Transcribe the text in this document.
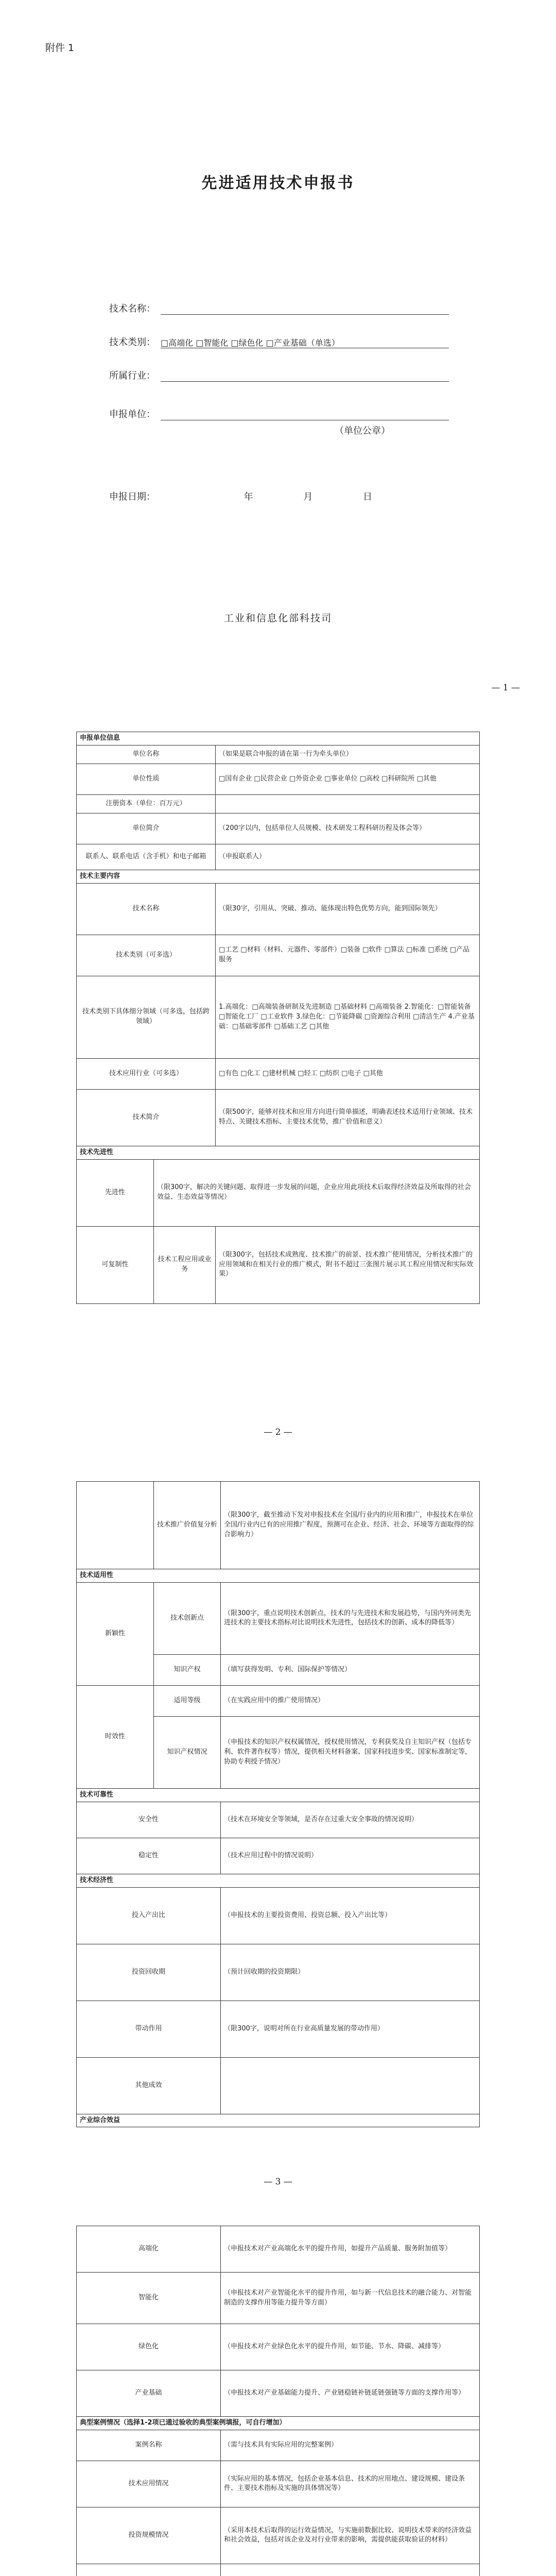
附件 1
先进适用技术申报书
技术名称：
技术类别： □高端化 □智能化 □绿色化 □产业基础（单选）
所属行业：
申报单位：
（单位公章）
申报日期：	年	月	日
工业和信息化部科技司
— 1 —
申报单位信息		
单位名称		（如果是联合申报的请在第一行为牵头单位）
单位性质		□国有企业 □民营企业 □外资企业 □事业单位 □高校 □科研院所 □其他
注册资本（单位：百万元）		
单位简介		（200字以内，包括单位人员规模、技术研发工程科研历程及体会等）
联系人、联系电话（含手机）和电子邮箱		（申报联系人）
技术主要内容		
技术名称		（限30字，引用从、突破、推动、能体现出特色优势方向，能到国际领先）
技术类别（可多选）		□工艺 □材料（材料、元器件、零部件）□装备 □软件 □算法 □标准 □系统 □产品服务
技术类别下具体细分领域（可多选，包括跨领域）		1.高端化：□高端装备研制及先进制造 □基础材料 □高端装备 2.智能化：□智能装备 □智能化工厂 □工业软件 3.绿色化：□节能降碳 □资源综合利用 □清洁生产 4.产业基础：□基础零部件 □基础工艺 □其他
技术应用行业（可多选）		□有色 □化工 □建材机械 □轻工 □纺织 □电子 □其他
技术简介		（限500字，能够对技术和应用方向进行简单描述，明确表述技术适用行业领域、技术特点、关键技术指标、主要技术优势，推广价值和意义）
技术先进性		
先进性	（限300字，解决的关键问题、取得进一步发展的问题，企业应用此项技术后取得经济效益及所取得的社会效益、生态效益等情况）	
可复制性	技术工程应用或业务	（限300字，包括技术成熟度、技术推广的前景、技术推广使用情况，分析技术推广的应用领域和在相关行业的推广模式，附书不超过三张图片展示其工程应用情况和实际效果）
— 2 —
	技术推广价值复分析	（限300字，截至推动下发对申报技术在全国/行业内的应用和推广，申报技术在单位全国/行业内已有的应用推广程度，预测可在企业、经济、社会、环境等方面取得的综合影响力）
技术适用性		
新颖性	技术创新点	（限300字，重点说明技术创新点，技术的与先进技术和发展趋势，与国内外同类先进技术的主要技术指标对比说明技术先进性，包括技术的创新、成本的降低等）
	知识产权	（填写获得发明、专利、国际保护等情况）
时效性	适用等级	（在实践应用中的推广使用情况）
	知识产权情况	（申报技术的知识产权权属情况，授权使用情况，专利获奖及自主知识产权（包括专利、软件著作权等）情况，提供相关材料备案、国家科技进步奖、国家标准制定等，协助专利授予情况）
技术可靠性		
安全性		（技术在环境安全等领域，是否存在过重大安全事故的情况说明）
稳定性		（技术应用过程中的情况说明）
技术经济性		
投入产出比		（申报技术的主要投资费用、投资总额、投入产出比等）
投资回收期		（预计回收期的投资期限）
带动作用		（限300字，说明对所在行业高质量发展的带动作用）
其他成效		
产业综合效益		
— 3 —
高端化	（申报技术对产业高端化水平的提升作用，如提升产品质量、服务附加值等）
智能化	（申报技术对产业智能化水平的提升作用，如与新一代信息技术的融合能力、对智能制造的支撑作用等能力提升等方面）
绿色化	（申报技术对产业绿色化水平的提升作用，如节能、节水、降碳、减排等）
产业基础	（申报技术对产业基础能力提升、产业链稳链补链延链强链等方面的支撑作用等）
典型案例情况（选择1-2项已通过验收的典型案例填报，可自行增加）	
案例名称	（需与技术具有实际应用的完整案例）
技术应用情况	（实际应用的基本情况，包括企业基本信息、技术的应用地点、建设规模、建设条件、主要技术指标及实施的具体情况等）
投资规模情况	（采用本技术后取得的运行效益情况，与实施前数据比较、说明技术带来的经济效益和社会效益，包括对该企业及对行业带来的影响，需提供能获取验证的材料）
